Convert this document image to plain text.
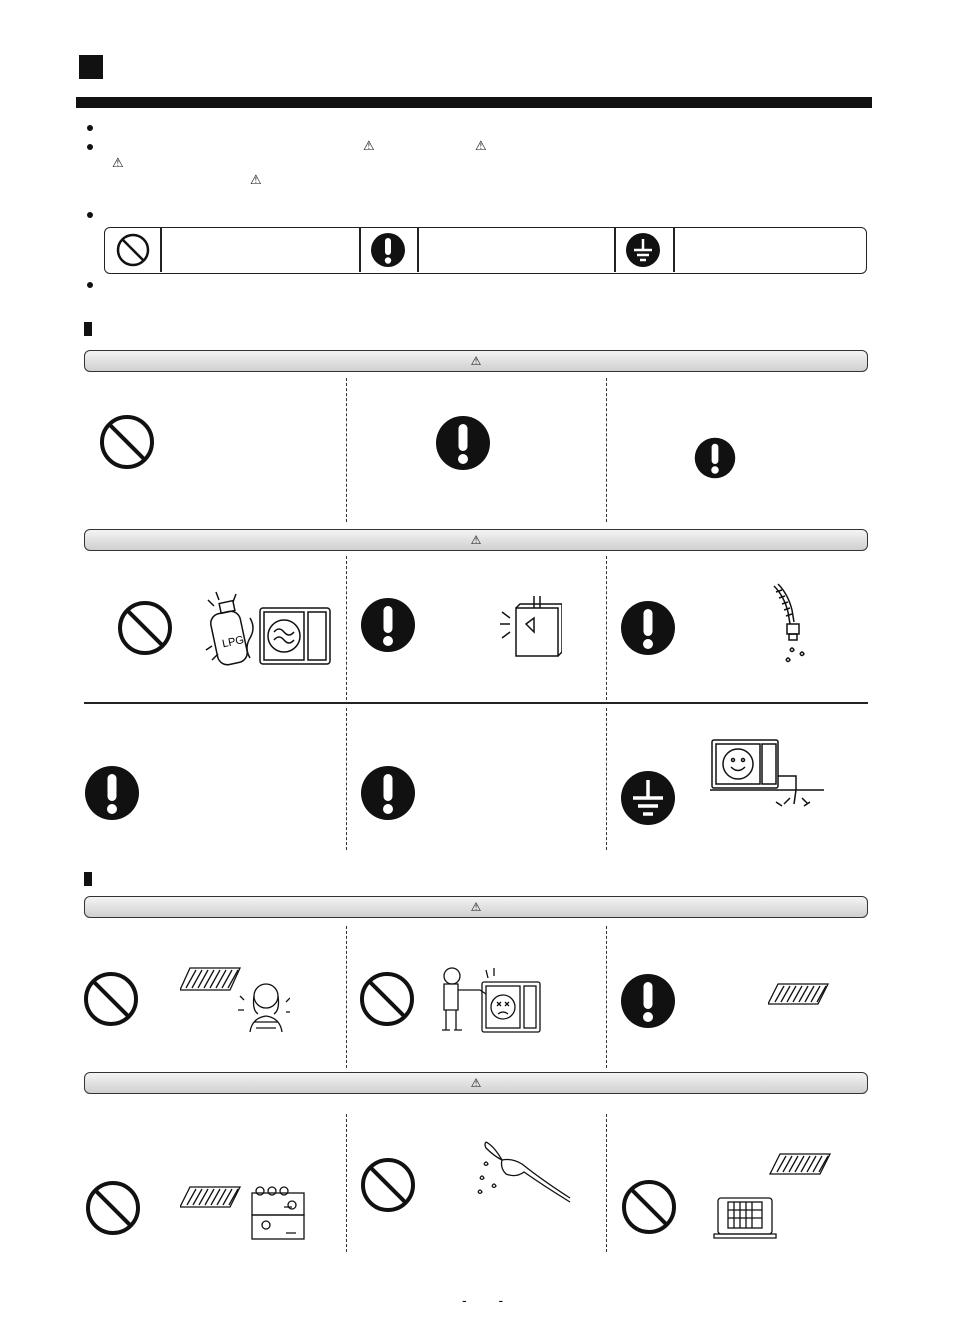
⚠	⚠
⚠
⚠
⚠
⚠
LPG
⚠
⚠
- -
